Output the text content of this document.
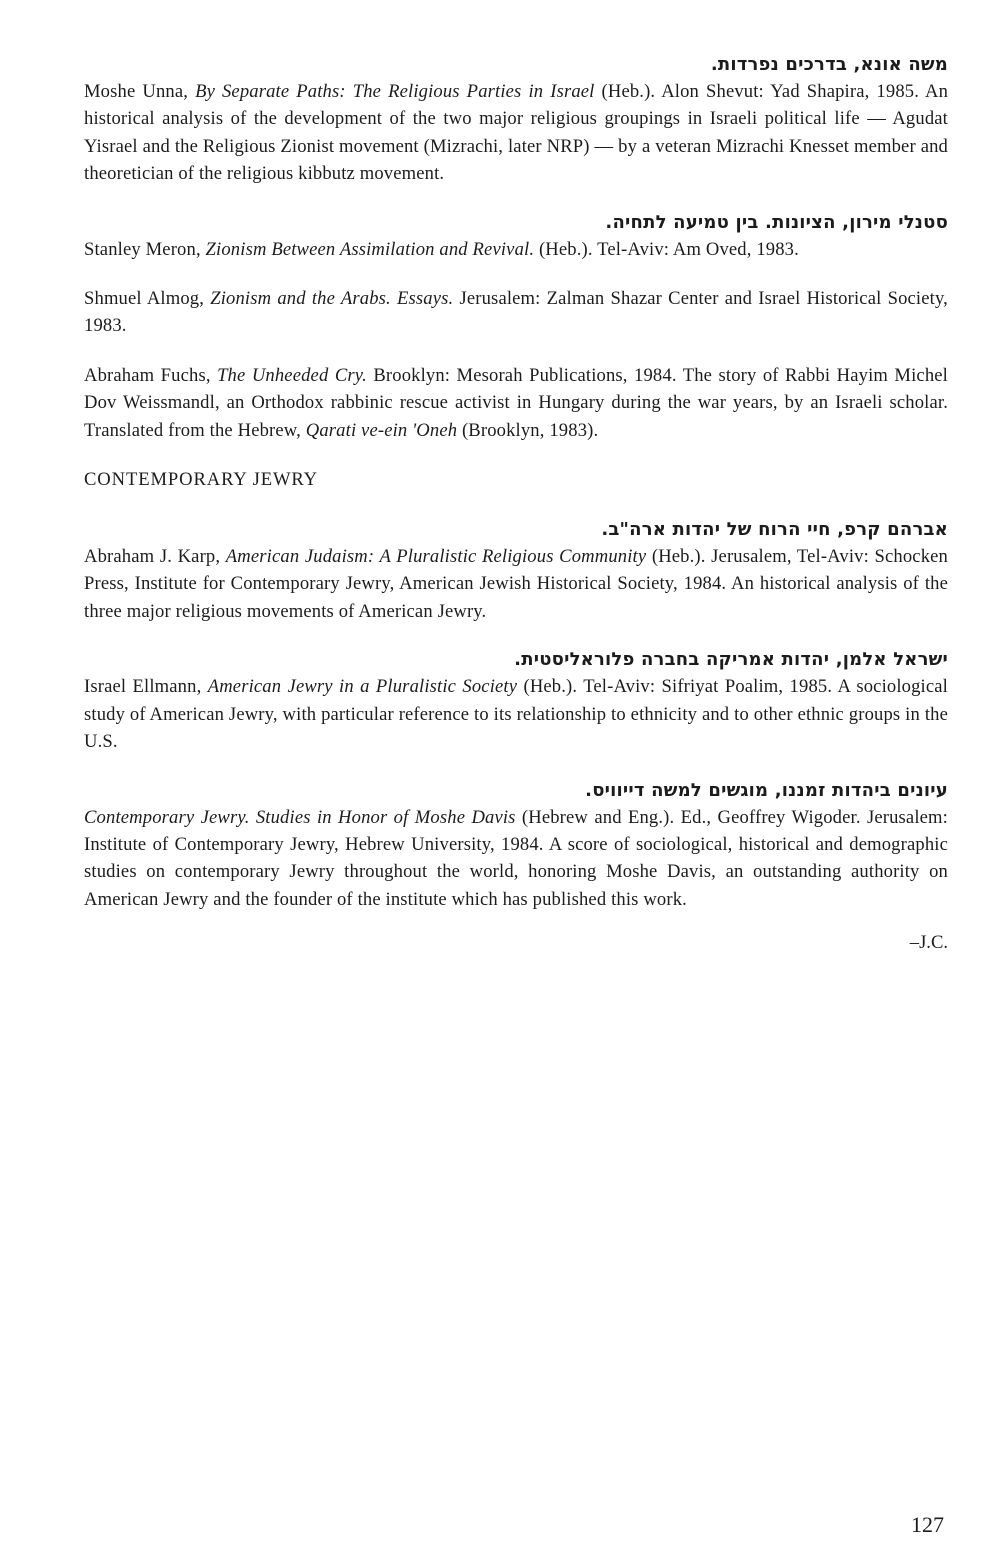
משה אונא, בדרכים נפרדות.

Moshe Unna, By Separate Paths: The Religious Parties in Israel (Heb.). Alon Shevut: Yad Shapira, 1985. An historical analysis of the development of the two major religious groupings in Israeli political life — Agudat Yisrael and the Religious Zionist movement (Mizrachi, later NRP) — by a veteran Mizrachi Knesset member and theoretician of the religious kibbutz movement.

סטנלי מירון, הציונות. בין טמיעה לתחיה.

Stanley Meron, Zionism Between Assimilation and Revival. (Heb.). Tel-Aviv: Am Oved, 1983.

Shmuel Almog, Zionism and the Arabs. Essays. Jerusalem: Zalman Shazar Center and Israel Historical Society, 1983.

Abraham Fuchs, The Unheeded Cry. Brooklyn: Mesorah Publications, 1984. The story of Rabbi Hayim Michel Dov Weissmandl, an Orthodox rabbinic rescue activist in Hungary during the war years, by an Israeli scholar. Translated from the Hebrew, Qarati ve-ein 'Oneh (Brooklyn, 1983).

CONTEMPORARY JEWRY

אברהם קרפ, חיי הרוח של יהדות ארה"ב.

Abraham J. Karp, American Judaism: A Pluralistic Religious Community (Heb.). Jerusalem, Tel-Aviv: Schocken Press, Institute for Contemporary Jewry, American Jewish Historical Society, 1984. An historical analysis of the three major religious movements of American Jewry.

ישראל אלמן, יהדות אמריקה בחברה פלוראליסטית.

Israel Ellmann, American Jewry in a Pluralistic Society (Heb.). Tel-Aviv: Sifriyat Poalim, 1985. A sociological study of American Jewry, with particular reference to its relationship to ethnicity and to other ethnic groups in the U.S.

עיונים ביהדות זמננו, מוגשים למשה דייוויס.

Contemporary Jewry. Studies in Honor of Moshe Davis (Hebrew and Eng.). Ed., Geoffrey Wigoder. Jerusalem: Institute of Contemporary Jewry, Hebrew University, 1984. A score of sociological, historical and demographic studies on contemporary Jewry throughout the world, honoring Moshe Davis, an outstanding authority on American Jewry and the founder of the institute which has published this work.

–J.C.

127
